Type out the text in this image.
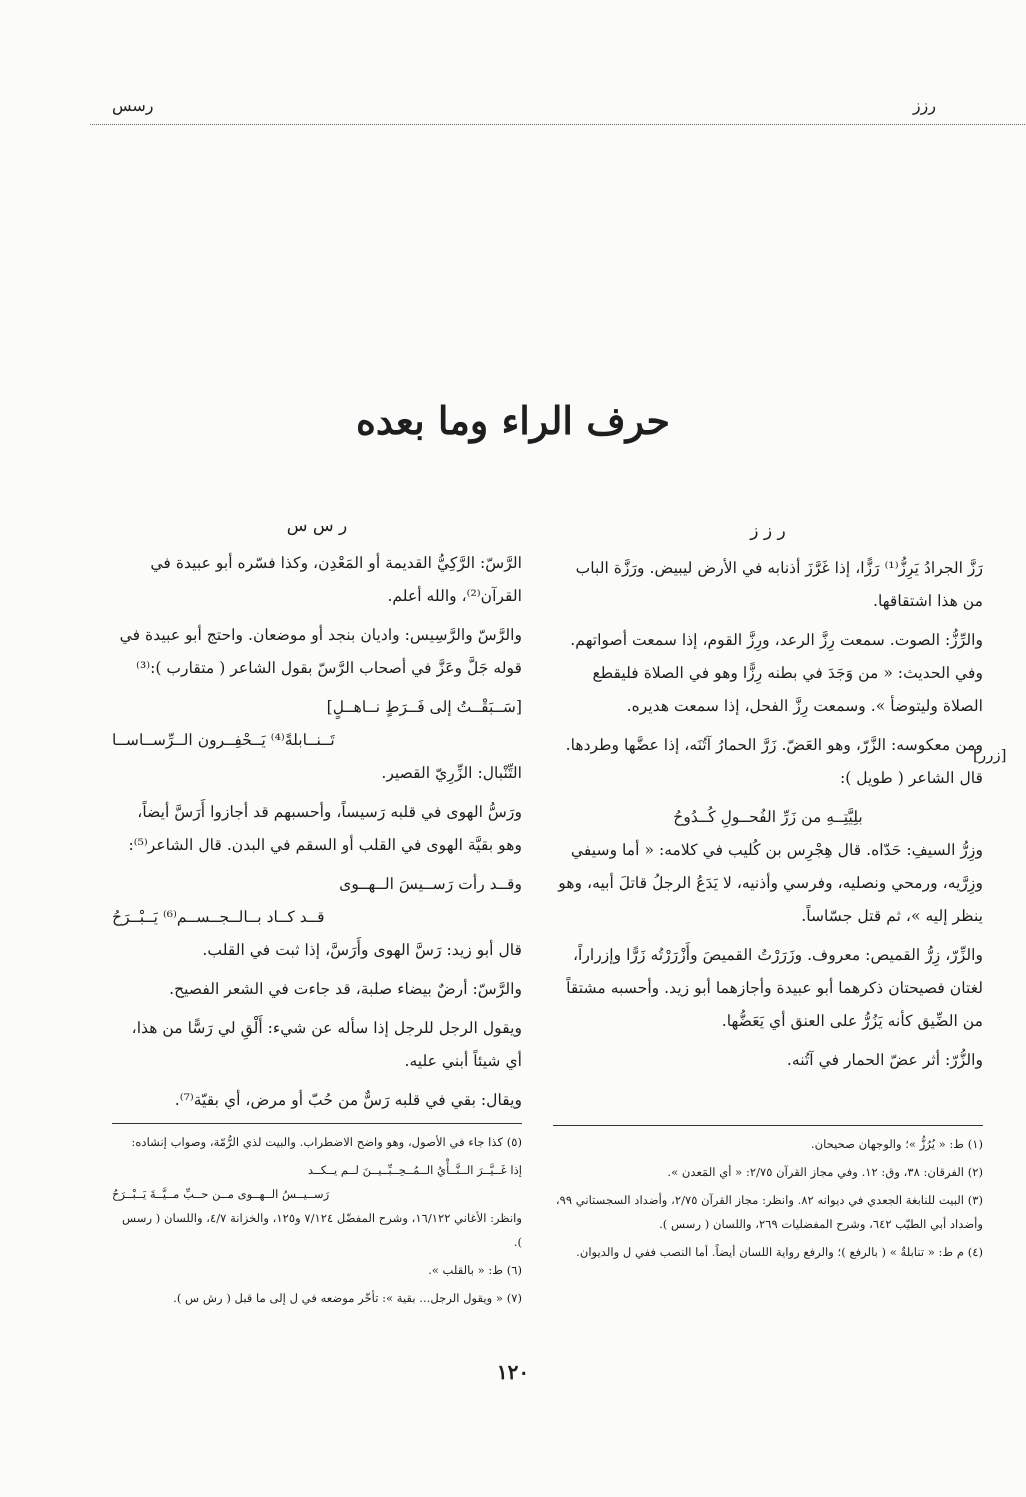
رزز
رسس
حرف الراء وما بعده
ر ز ز

رَزَّ الجرادُ يَرِزُّ⁽¹⁾ رَزًّا، إذا غَرَّزَ أذنابه في الأرض ليبيض. ورَزَّة الباب من هذا اشتقاقها.

والرِّزُّ: الصوت. سمعت رِزَّ الرعد، ورِزَّ القوم، إذا سمعت أصواتهم. وفي الحديث: « من وَجَدَ في بطنه رِزًّا وهو في الصلاة فليقطع الصلاة وليتوضأ ». وسمعت رِزَّ الفحل، إذا سمعت هديره.

ومن معكوسه: الزَّرّ، وهو العَضّ. زَرَّ الحمارُ آتُنَه، إذا عضَّها وطردها. قال الشاعر ( طويل ):

بلِيَّتِــهِ من زَرِّ الفُحــولِ كُــدُوحُ

وزِرُّ السيفِ: حَدّاه. قال هِجْرِس بن كُليب في كلامه: « أما وسيفي وزِرَّيه، ورمحي ونصليه، وفرسي وأذنيه، لا يَدَعُ الرجلُ قاتلَ أبيه، وهو ينظر إليه »، ثم قتل جسّاساً.

والزِّرّ، زِرُّ القميص: معروف. وزَرَرْتُ القميصَ وأَزْرَرْتُه زَرًّا وإزراراً، لغتان فصيحتان ذكرهما أبو عبيدة وأجازهما أبو زيد. وأحسبه مشتقاً من الضِّيق كأنه يَزُرُّ على العنق أي يَعَضُّها.

والزُّرّ: أثر عضّ الحمار في آتُنه.

[زرر]

(١) ط: « يُرُزُّ »؛ والوجهان صحيحان.

(٢) الفرقان: ٣٨، وق: ١٢. وفي مجاز القرآن ٢/٧٥: « أي المَعدن ».

(٣) البيت للنابغة الجعدي في ديوانه ٨٢. وانظر: مجاز القرآن ٢/٧٥، وأضداد السجستاني ٩٩، وأضداد أبي الطيّب ٦٤٢، وشرح المفضليات ٢٦٩، واللسان ( رسس ).

(٤) م ط: « تنابلةٌ » ( بالرفع )؛ والرفع رواية اللسان أيضاً. أما النصب ففي ل والديوان.

ر س س

الرَّسّ: الرَّكِيُّ القديمة أو المَعْدِن، وكذا فسّره أبو عبيدة في القرآن⁽²⁾، والله أعلم.

والرَّسّ والرَّسِيس: واديان بنجد أو موضعان. واحتج أبو عبيدة في قوله جَلَّ وعَزَّ في أصحاب الرَّسّ بقول الشاعر ( متقارب ):⁽³⁾

[سَــبَقْــتُ إلى فَــرَطٍ نــاهــلٍ]

تَــنــابلةً⁽⁴⁾ يَــحْفِــرون الــرِّســاســا

التِّنْبال: الزِّرِيّ القصير.

ورَسُّ الهوى في قلبه رَسيساً، وأحسبهم قد أجازوا أَرَسَّ أيضاً، وهو بقيَّة الهوى في القلب أو السقم في البدن. قال الشاعر⁽⁵⁾:

وقــد رأت رَســيسَ الــهــوى

قــد كــاد بــالــجــســم⁽⁶⁾ يَــبْــرَحُ

قال أبو زيد: رَسَّ الهوى وأَرَسَّ، إذا ثبت في القلب.

والرَّسّ: أرضٌ بيضاء صلبة، قد جاءت في الشعر الفصيح.

ويقول الرجل للرجل إذا سأله عن شيء: أَلْقِ لي رَسًّا من هذا، أي شيئاً أبني عليه.

ويقال: بقي في قلبه رَسٌّ من حُبّ أو مرض، أي بقيّة⁽⁷⁾.

(٥) كذا جاء في الأصول، وهو واضح الاضطراب. والبيت لذي الرُّمّة، وصواب إنشاده:

إذا غَــيَّــرَ الــنَّــأْيُ الــمُــحِــبِّــيــنَ لــم يــكــد

رَســيــسُ الــهــوى مــن حــبِّ مــيَّــةَ يَــبْــرَحُ

وانظر: الأغاني ١٦/١٢٢، وشرح المفضّل ٧/١٢٤ و١٢٥، والخزانة ٤/٧، واللسان ( رسس ).

(٦) ط: « بالقلب ».

(٧) « ويقول الرجل... بقية »: تأخّر موضعه في ل إلى ما قبل ( رش س ).

١٢٠
